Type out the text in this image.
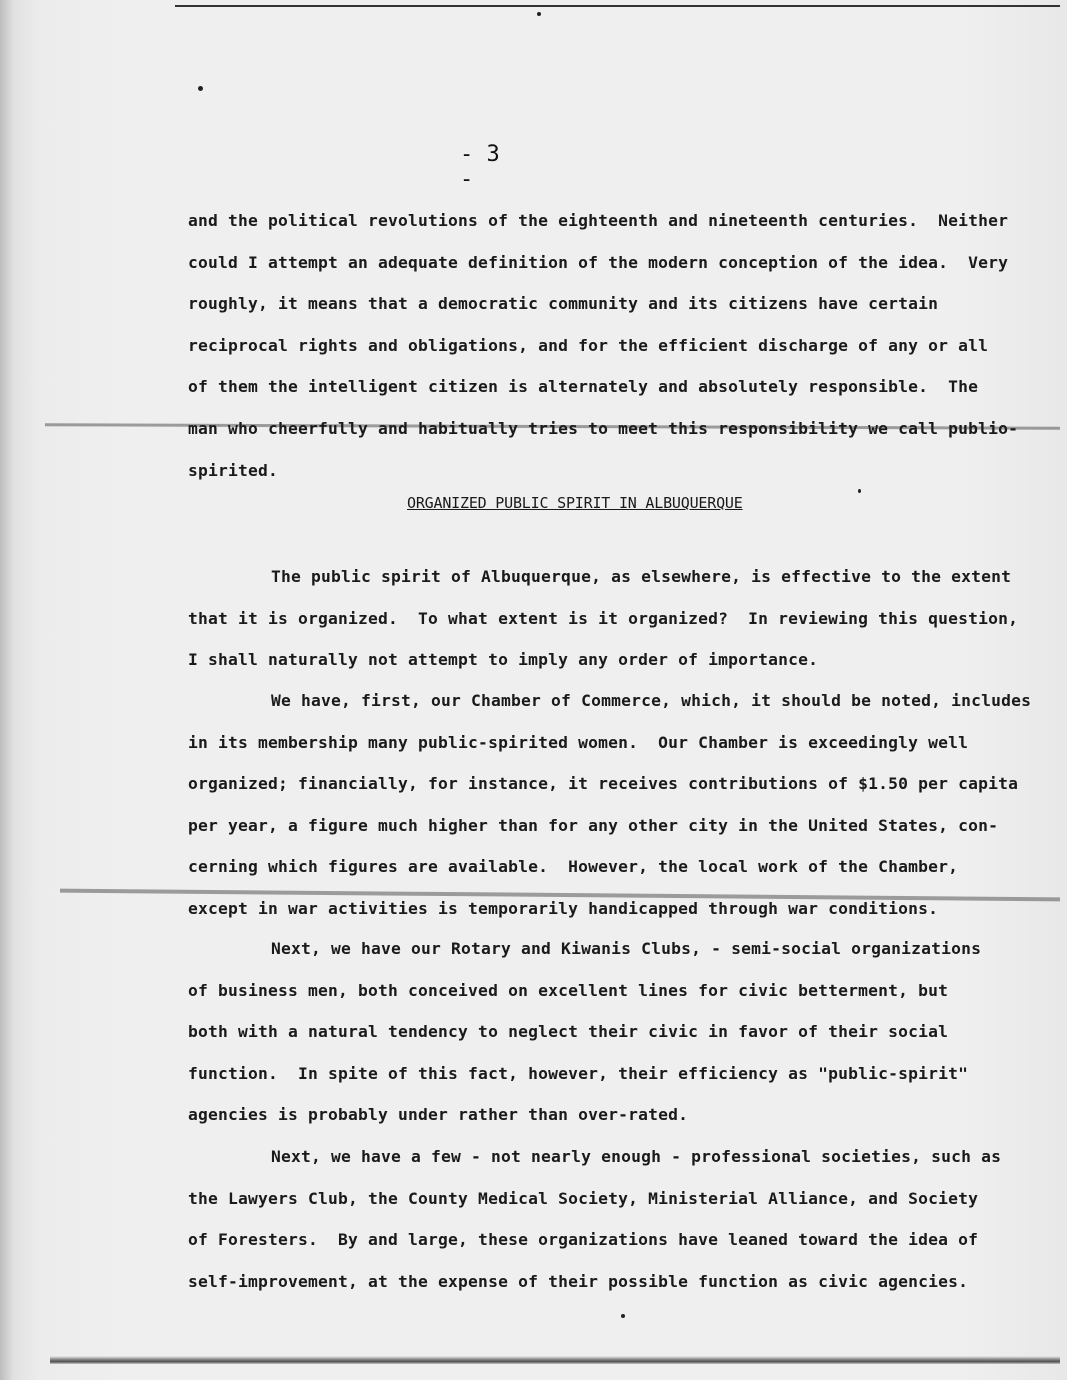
- 3 -
and the political revolutions of the eighteenth and nineteenth centuries.  Neither
could I attempt an adequate definition of the modern conception of the idea.  Very
roughly, it means that a democratic community and its citizens have certain
reciprocal rights and obligations, and for the efficient discharge of any or all
of them the intelligent citizen is alternately and absolutely responsible.  The
man who cheerfully and habitually tries to meet this responsibility we call publio-
spirited.
ORGANIZED PUBLIC SPIRIT IN ALBUQUERQUE
The public spirit of Albuquerque, as elsewhere, is effective to the extent
that it is organized.  To what extent is it organized?  In reviewing this question,
I shall naturally not attempt to imply any order of importance.
We have, first, our Chamber of Commerce, which, it should be noted, includes
in its membership many public-spirited women.  Our Chamber is exceedingly well
organized; financially, for instance, it receives contributions of $1.50 per capita
per year, a figure much higher than for any other city in the United States, con-
cerning which figures are available.  However, the local work of the Chamber,
except in war activities is temporarily handicapped through war conditions.
Next, we have our Rotary and Kiwanis Clubs, - semi-social organizations
of business men, both conceived on excellent lines for civic betterment, but
both with a natural tendency to neglect their civic in favor of their social
function.  In spite of this fact, however, their efficiency as "public-spirit"
agencies is probably under rather than over-rated.
Next, we have a few - not nearly enough - professional societies, such as
the Lawyers Club, the County Medical Society, Ministerial Alliance, and Society
of Foresters.  By and large, these organizations have leaned toward the idea of
self-improvement, at the expense of their possible function as civic agencies.
